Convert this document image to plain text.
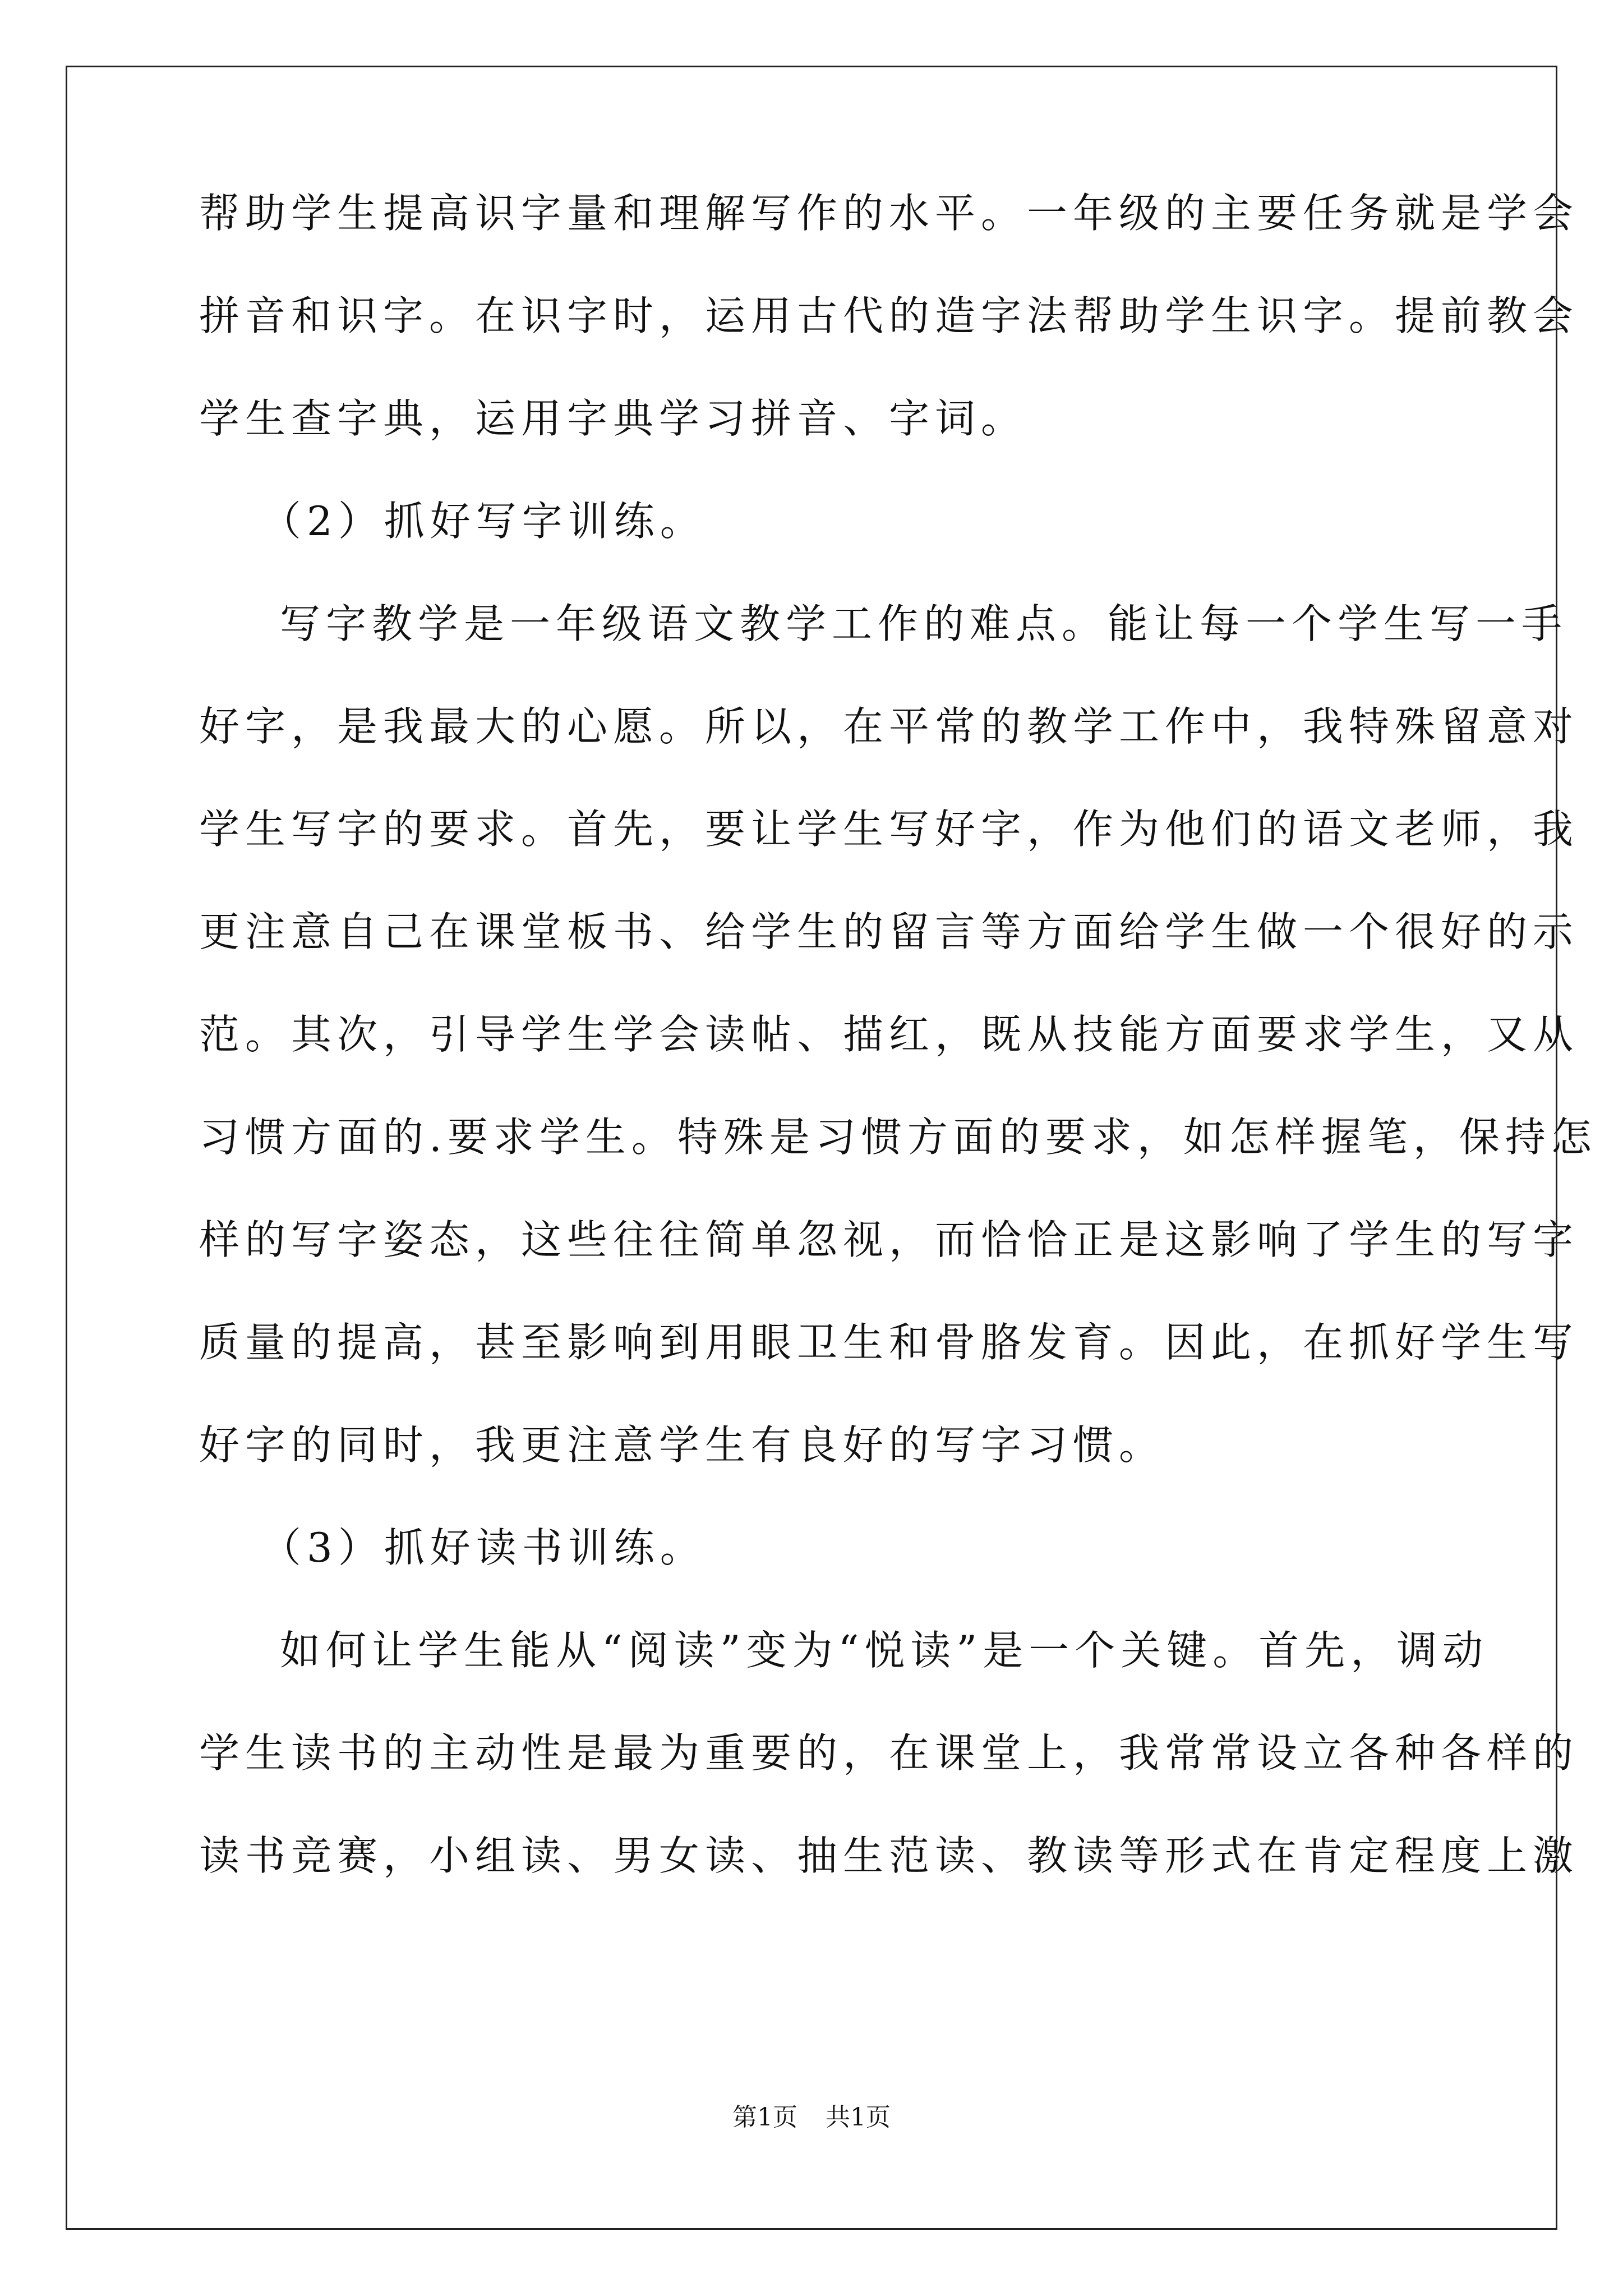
帮助学生提高识字量和理解写作的水平。一年级的主要任务就是学会
拼音和识字。在识字时，运用古代的造字法帮助学生识字。提前教会
学生查字典，运用字典学习拼音、字词。
（2）抓好写字训练。
写字教学是一年级语文教学工作的难点。能让每一个学生写一手
好字，是我最大的心愿。所以，在平常的教学工作中，我特殊留意对
学生写字的要求。首先，要让学生写好字，作为他们的语文老师，我
更注意自己在课堂板书、给学生的留言等方面给学生做一个很好的示
范。其次，引导学生学会读帖、描红，既从技能方面要求学生，又从
习惯方面的.要求学生。特殊是习惯方面的要求，如怎样握笔，保持怎
样的写字姿态，这些往往简单忽视，而恰恰正是这影响了学生的写字
质量的提高，甚至影响到用眼卫生和骨胳发育。因此，在抓好学生写
好字的同时，我更注意学生有良好的写字习惯。
（3）抓好读书训练。
如何让学生能从“阅读”变为“悦读”是一个关键。首先，调动
学生读书的主动性是最为重要的，在课堂上，我常常设立各种各样的
读书竞赛，小组读、男女读、抽生范读、教读等形式在肯定程度上激
第1页 共1页
